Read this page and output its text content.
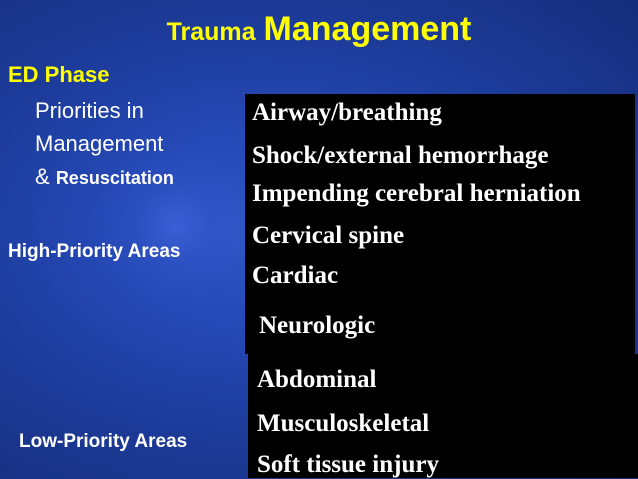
Trauma Management
ED Phase
Priorities in
Management
& Resuscitation
High-Priority Areas
Low-Priority Areas
Airway/breathing
Shock/external hemorrhage
Impending cerebral herniation
Cervical spine
Cardiac
Neurologic
Abdominal
Musculoskeletal
Soft tissue injury
